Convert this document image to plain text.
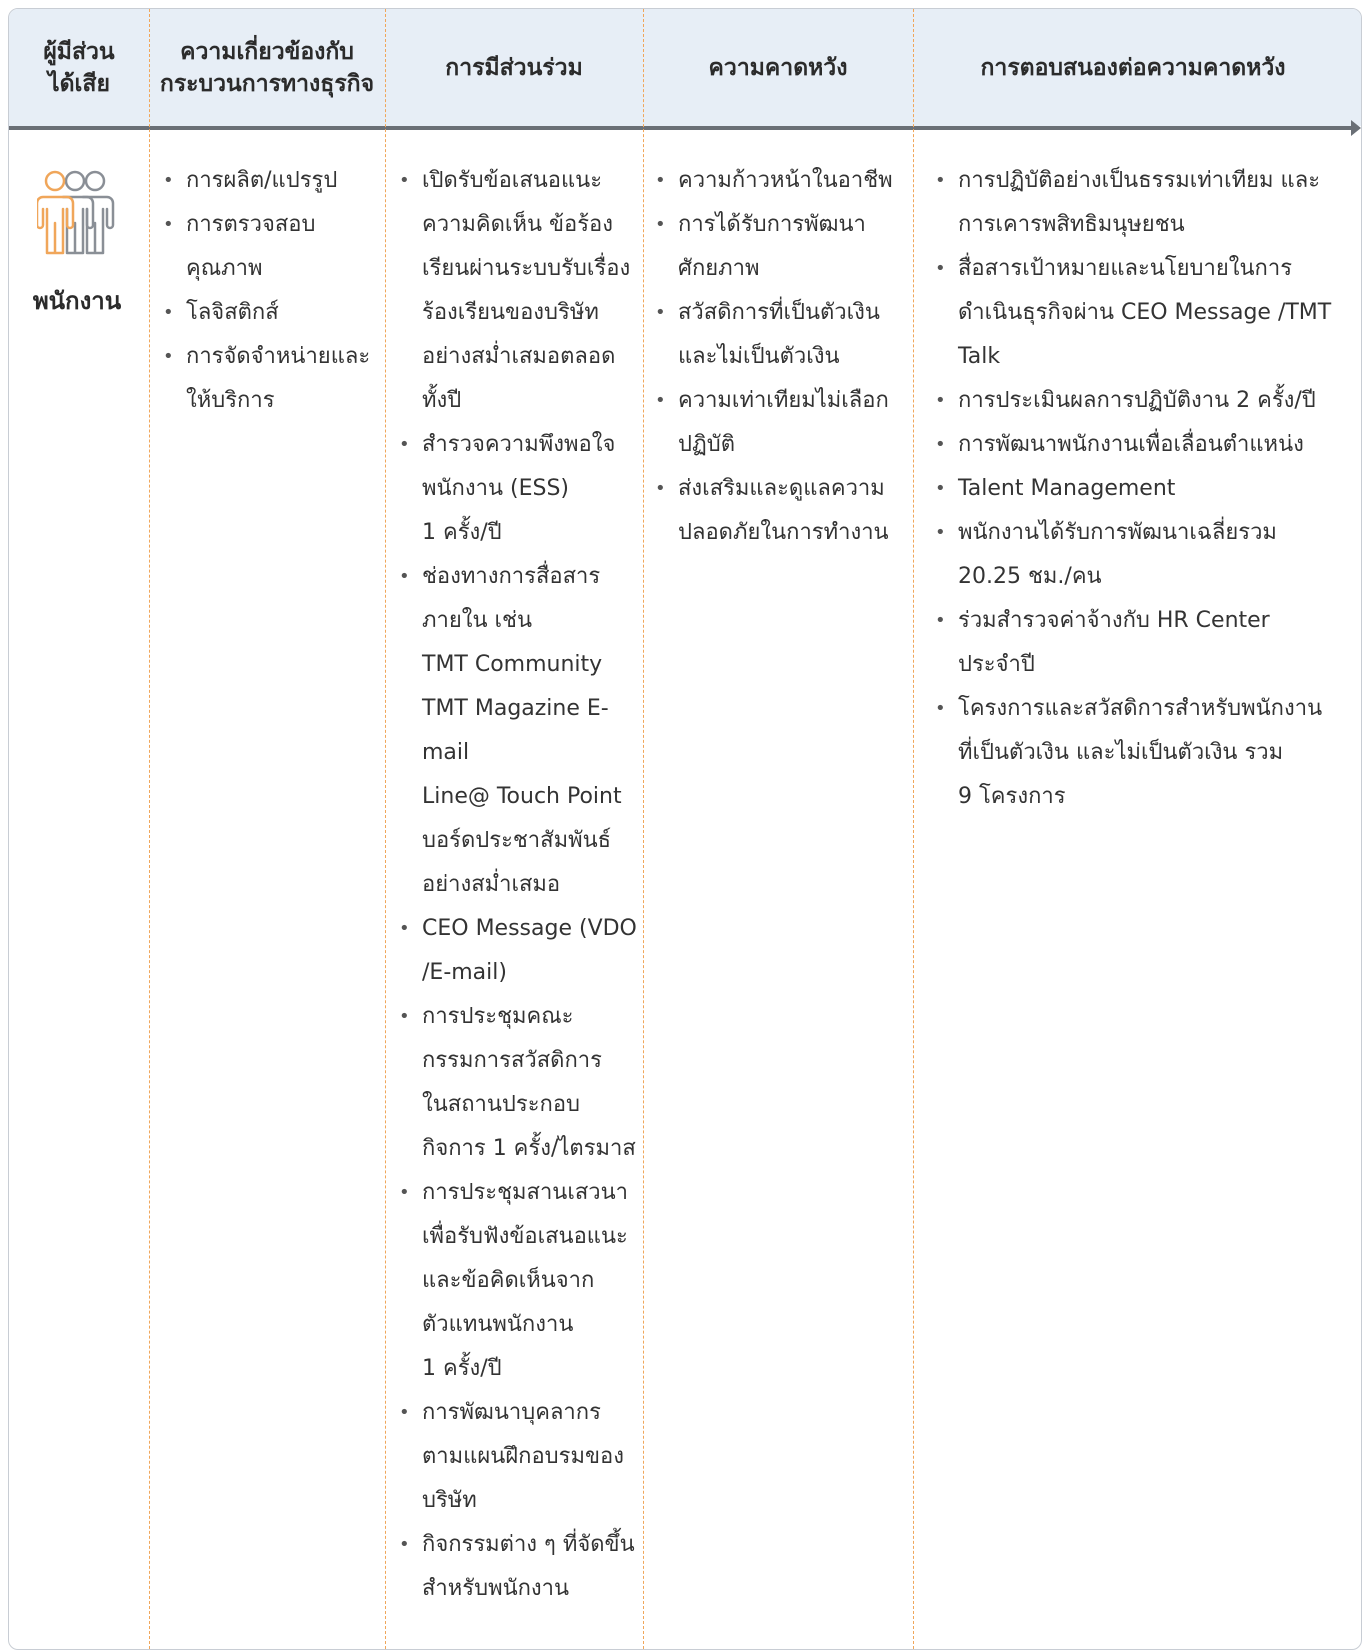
ผู้มีส่วน
ได้เสีย
ความเกี่ยวข้องกับ
กระบวนการทางธุรกิจ
การมีส่วนร่วม	ความคาดหวัง	การตอบสนองต่อความคาดหวัง
พนักงาน
• การผลิต/แปรรูป
• การตรวจสอบ
คุณภาพ
• โลจิสติกส์
• การจัดจำหน่ายและ
ให้บริการ
• เปิดรับข้อเสนอแนะ
ความคิดเห็น ข้อร้อง
เรียนผ่านระบบรับเรื่อง
ร้องเรียนของบริษัท
อย่างสม่ำเสมอตลอด
ทั้งปี
• สำรวจความพึงพอใจ
พนักงาน (ESS)
1 ครั้ง/ปี
• ช่องทางการสื่อสาร
ภายใน เช่น
TMT Community
TMT Magazine E-mail
Line@ Touch Point
บอร์ดประชาสัมพันธ์
อย่างสม่ำเสมอ
• CEO Message (VDO
/E-mail)
• การประชุมคณะ
กรรมการสวัสดิการ
ในสถานประกอบ
กิจการ 1 ครั้ง/ไตรมาส
• การประชุมสานเสวนา
เพื่อรับฟังข้อเสนอแนะ
และข้อคิดเห็นจาก
ตัวแทนพนักงาน
1 ครั้ง/ปี
• การพัฒนาบุคลากร
ตามแผนฝึกอบรมของ
บริษัท
• กิจกรรมต่าง ๆ ที่จัดขึ้น
สำหรับพนักงาน
• ความก้าวหน้าในอาชีพ
• การได้รับการพัฒนา
ศักยภาพ
• สวัสดิการที่เป็นตัวเงิน
และไม่เป็นตัวเงิน
• ความเท่าเทียมไม่เลือก
ปฏิบัติ
• ส่งเสริมและดูแลความ
ปลอดภัยในการทำงาน
• การปฏิบัติอย่างเป็นธรรมเท่าเทียม และ
การเคารพสิทธิมนุษยชน
• สื่อสารเป้าหมายและนโยบายในการ
ดำเนินธุรกิจผ่าน CEO Message /TMT
Talk
• การประเมินผลการปฏิบัติงาน 2 ครั้ง/ปี
• การพัฒนาพนักงานเพื่อเลื่อนตำแหน่ง
• Talent Management
• พนักงานได้รับการพัฒนาเฉลี่ยรวม
20.25 ชม./คน
• ร่วมสำรวจค่าจ้างกับ HR Center
ประจำปี
• โครงการและสวัสดิการสำหรับพนักงาน
ที่เป็นตัวเงิน และไม่เป็นตัวเงิน รวม
9 โครงการ
